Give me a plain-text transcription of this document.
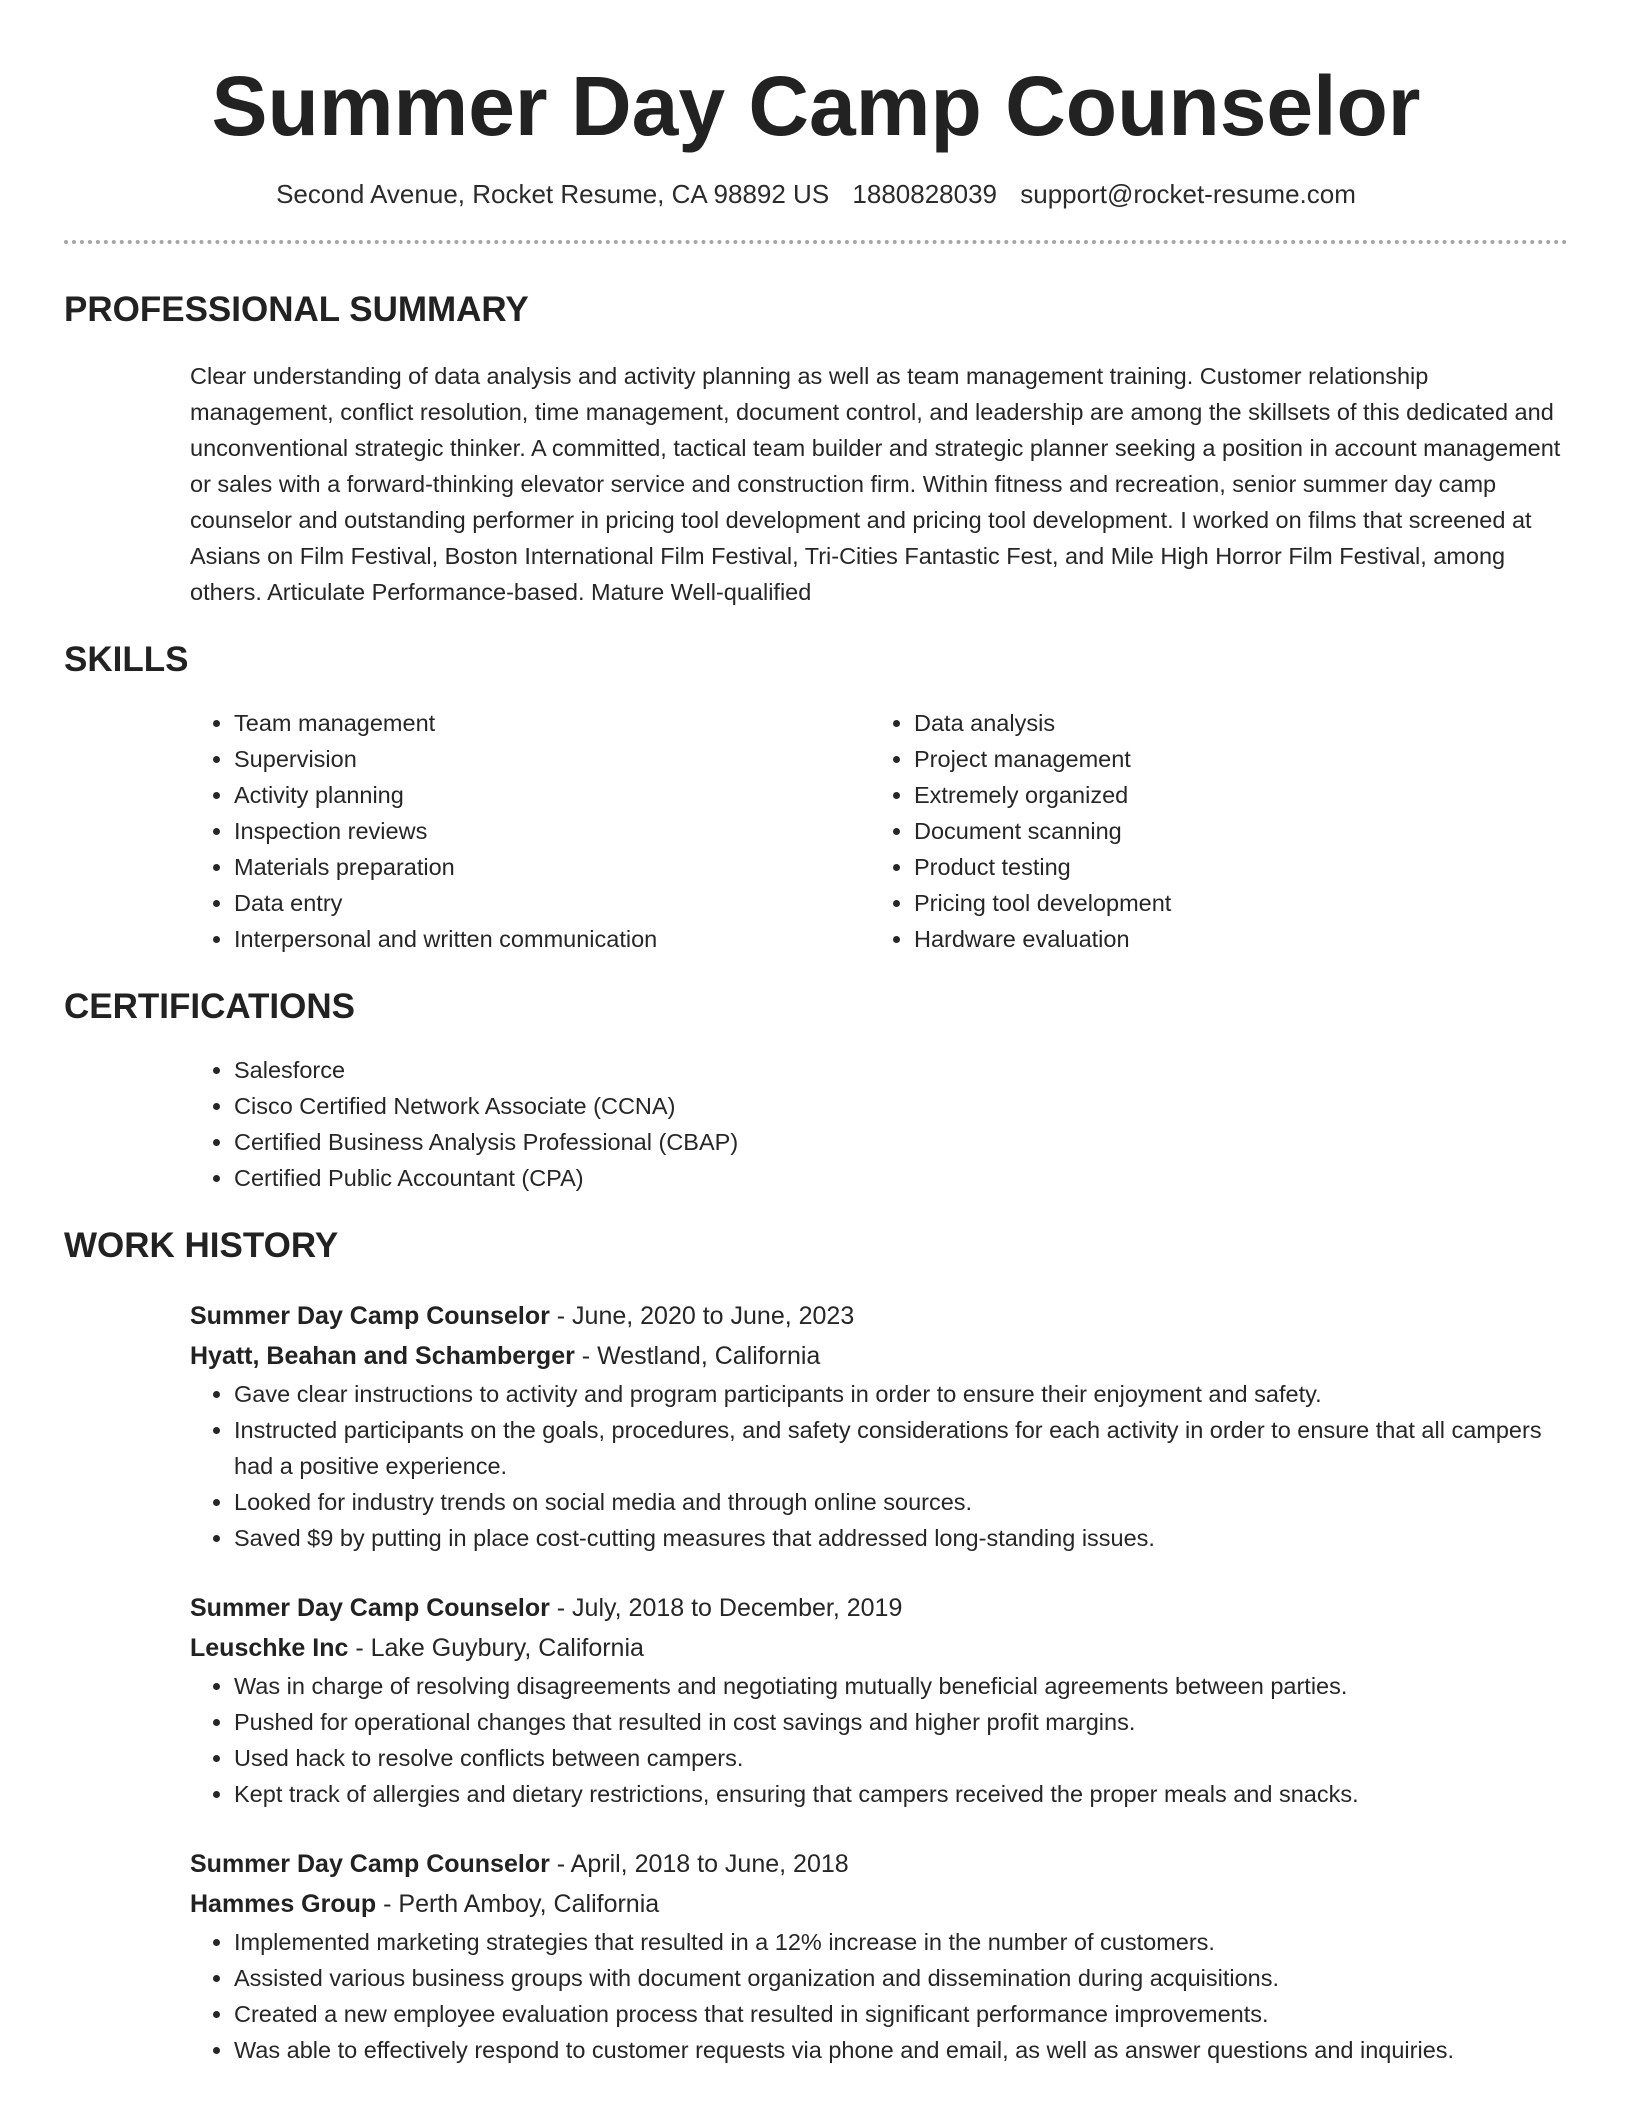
Summer Day Camp Counselor
Second Avenue, Rocket Resume, CA 98892 US 1880828039 support@rocket-resume.com
PROFESSIONAL SUMMARY

Clear understanding of data analysis and activity planning as well as team management training. Customer relationship management, conflict resolution, time management, document control, and leadership are among the skillsets of this dedicated and unconventional strategic thinker. A committed, tactical team builder and strategic planner seeking a position in account management or sales with a forward-thinking elevator service and construction firm. Within fitness and recreation, senior summer day camp counselor and outstanding performer in pricing tool development and pricing tool development. I worked on films that screened at Asians on Film Festival, Boston International Film Festival, Tri-Cities Fantastic Fest, and Mile High Horror Film Festival, among others. Articulate Performance-based. Mature Well-qualified

SKILLS
• Team management
• Supervision
• Activity planning
• Inspection reviews
• Materials preparation
• Data entry
• Interpersonal and written communication
• Data analysis
• Project management
• Extremely organized
• Document scanning
• Product testing
• Pricing tool development
• Hardware evaluation
CERTIFICATIONS
• Salesforce
• Cisco Certified Network Associate (CCNA)
• Certified Business Analysis Professional (CBAP)
• Certified Public Accountant (CPA)
WORK HISTORY
Summer Day Camp Counselor - June, 2020 to June, 2023
Hyatt, Beahan and Schamberger - Westland, California
• Gave clear instructions to activity and program participants in order to ensure their enjoyment and safety.
• Instructed participants on the goals, procedures, and safety considerations for each activity in order to ensure that all campers had a positive experience.
• Looked for industry trends on social media and through online sources.
• Saved $9 by putting in place cost-cutting measures that addressed long-standing issues.
Summer Day Camp Counselor - July, 2018 to December, 2019
Leuschke Inc - Lake Guybury, California
• Was in charge of resolving disagreements and negotiating mutually beneficial agreements between parties.
• Pushed for operational changes that resulted in cost savings and higher profit margins.
• Used hack to resolve conflicts between campers.
• Kept track of allergies and dietary restrictions, ensuring that campers received the proper meals and snacks.
Summer Day Camp Counselor - April, 2018 to June, 2018
Hammes Group - Perth Amboy, California
• Implemented marketing strategies that resulted in a 12% increase in the number of customers.
• Assisted various business groups with document organization and dissemination during acquisitions.
• Created a new employee evaluation process that resulted in significant performance improvements.
• Was able to effectively respond to customer requests via phone and email, as well as answer questions and inquiries.
